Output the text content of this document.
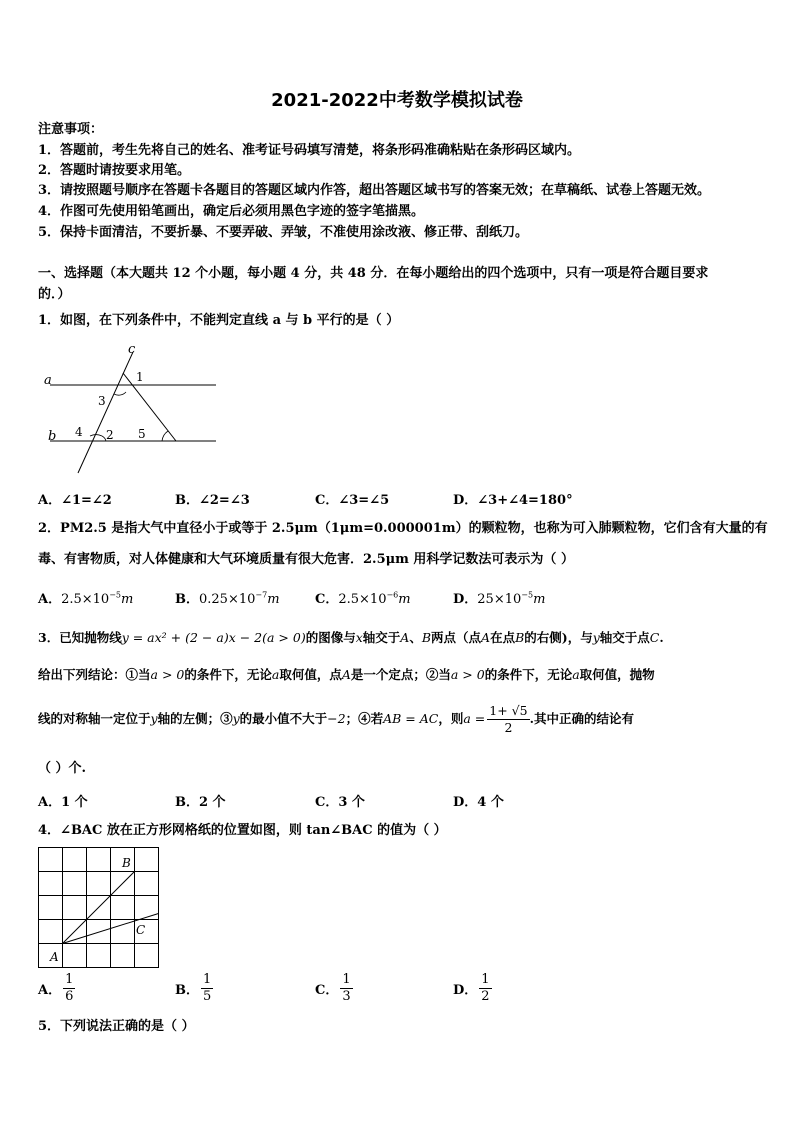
2021-2022中考数学模拟试卷
注意事项：
1．答题前，考生先将自己的姓名、准考证号码填写清楚，将条形码准确粘贴在条形码区域内。
2．答题时请按要求用笔。
3．请按照题号顺序在答题卡各题目的答题区域内作答，超出答题区域书写的答案无效；在草稿纸、试卷上答题无效。
4．作图可先使用铅笔画出，确定后必须用黑色字迹的签字笔描黑。
5．保持卡面清洁，不要折暴、不要弄破、弄皱，不准使用涂改液、修正带、刮纸刀。
一、选择题（本大题共 12 个小题，每小题 4 分，共 48 分．在每小题给出的四个选项中，只有一项是符合题目要求
的．）
1．如图，在下列条件中，不能判定直线 a 与 b 平行的是（ ）
c
a
b
1
2
3
4	5
A．∠1=∠2	B．∠2=∠3	C．∠3=∠5	D．∠3+∠4=180°
2．PM2.5 是指大气中直径小于或等于 2.5μm（1μm=0.000001m）的颗粒物，也称为可入肺颗粒物，它们含有大量的有
毒、有害物质，对人体健康和大气环境质量有很大危害．2.5μm 用科学记数法可表示为（ ）
A．$2.5\times 10^{-5}m$	B．$0.25\times 10^{-7}m$	C．$2.5\times 10^{-6}m$	D．$25\times 10^{-5}m$
3．已知抛物线y = ax² + (2 − a)x − 2(a > 0)的图像与x轴交于A、B两点（点A在点B的右侧)，与y轴交于点C.
给出下列结论：①当a > 0的条件下，无论a取何值，点A是一个定点；②当a > 0的条件下，无论a取何值，抛物
线的对称轴一定位于y轴的左侧；③y的最小值不大于−2；④若AB = AC，则$a = \frac{1+ √5}{2}$ .其中正确的结论有
（ ）个.
A．1 个	B．2 个	C．3 个	D．4 个
4．∠BAC 放在正方形网格纸的位置如图，则 tan∠BAC 的值为（ ）
A
B
C
A． $\frac{1}{6}$	B． $\frac{1}{5}$	C． $\frac{1}{3}$	D． $\frac{1}{2}$
5．下列说法正确的是（ ）
